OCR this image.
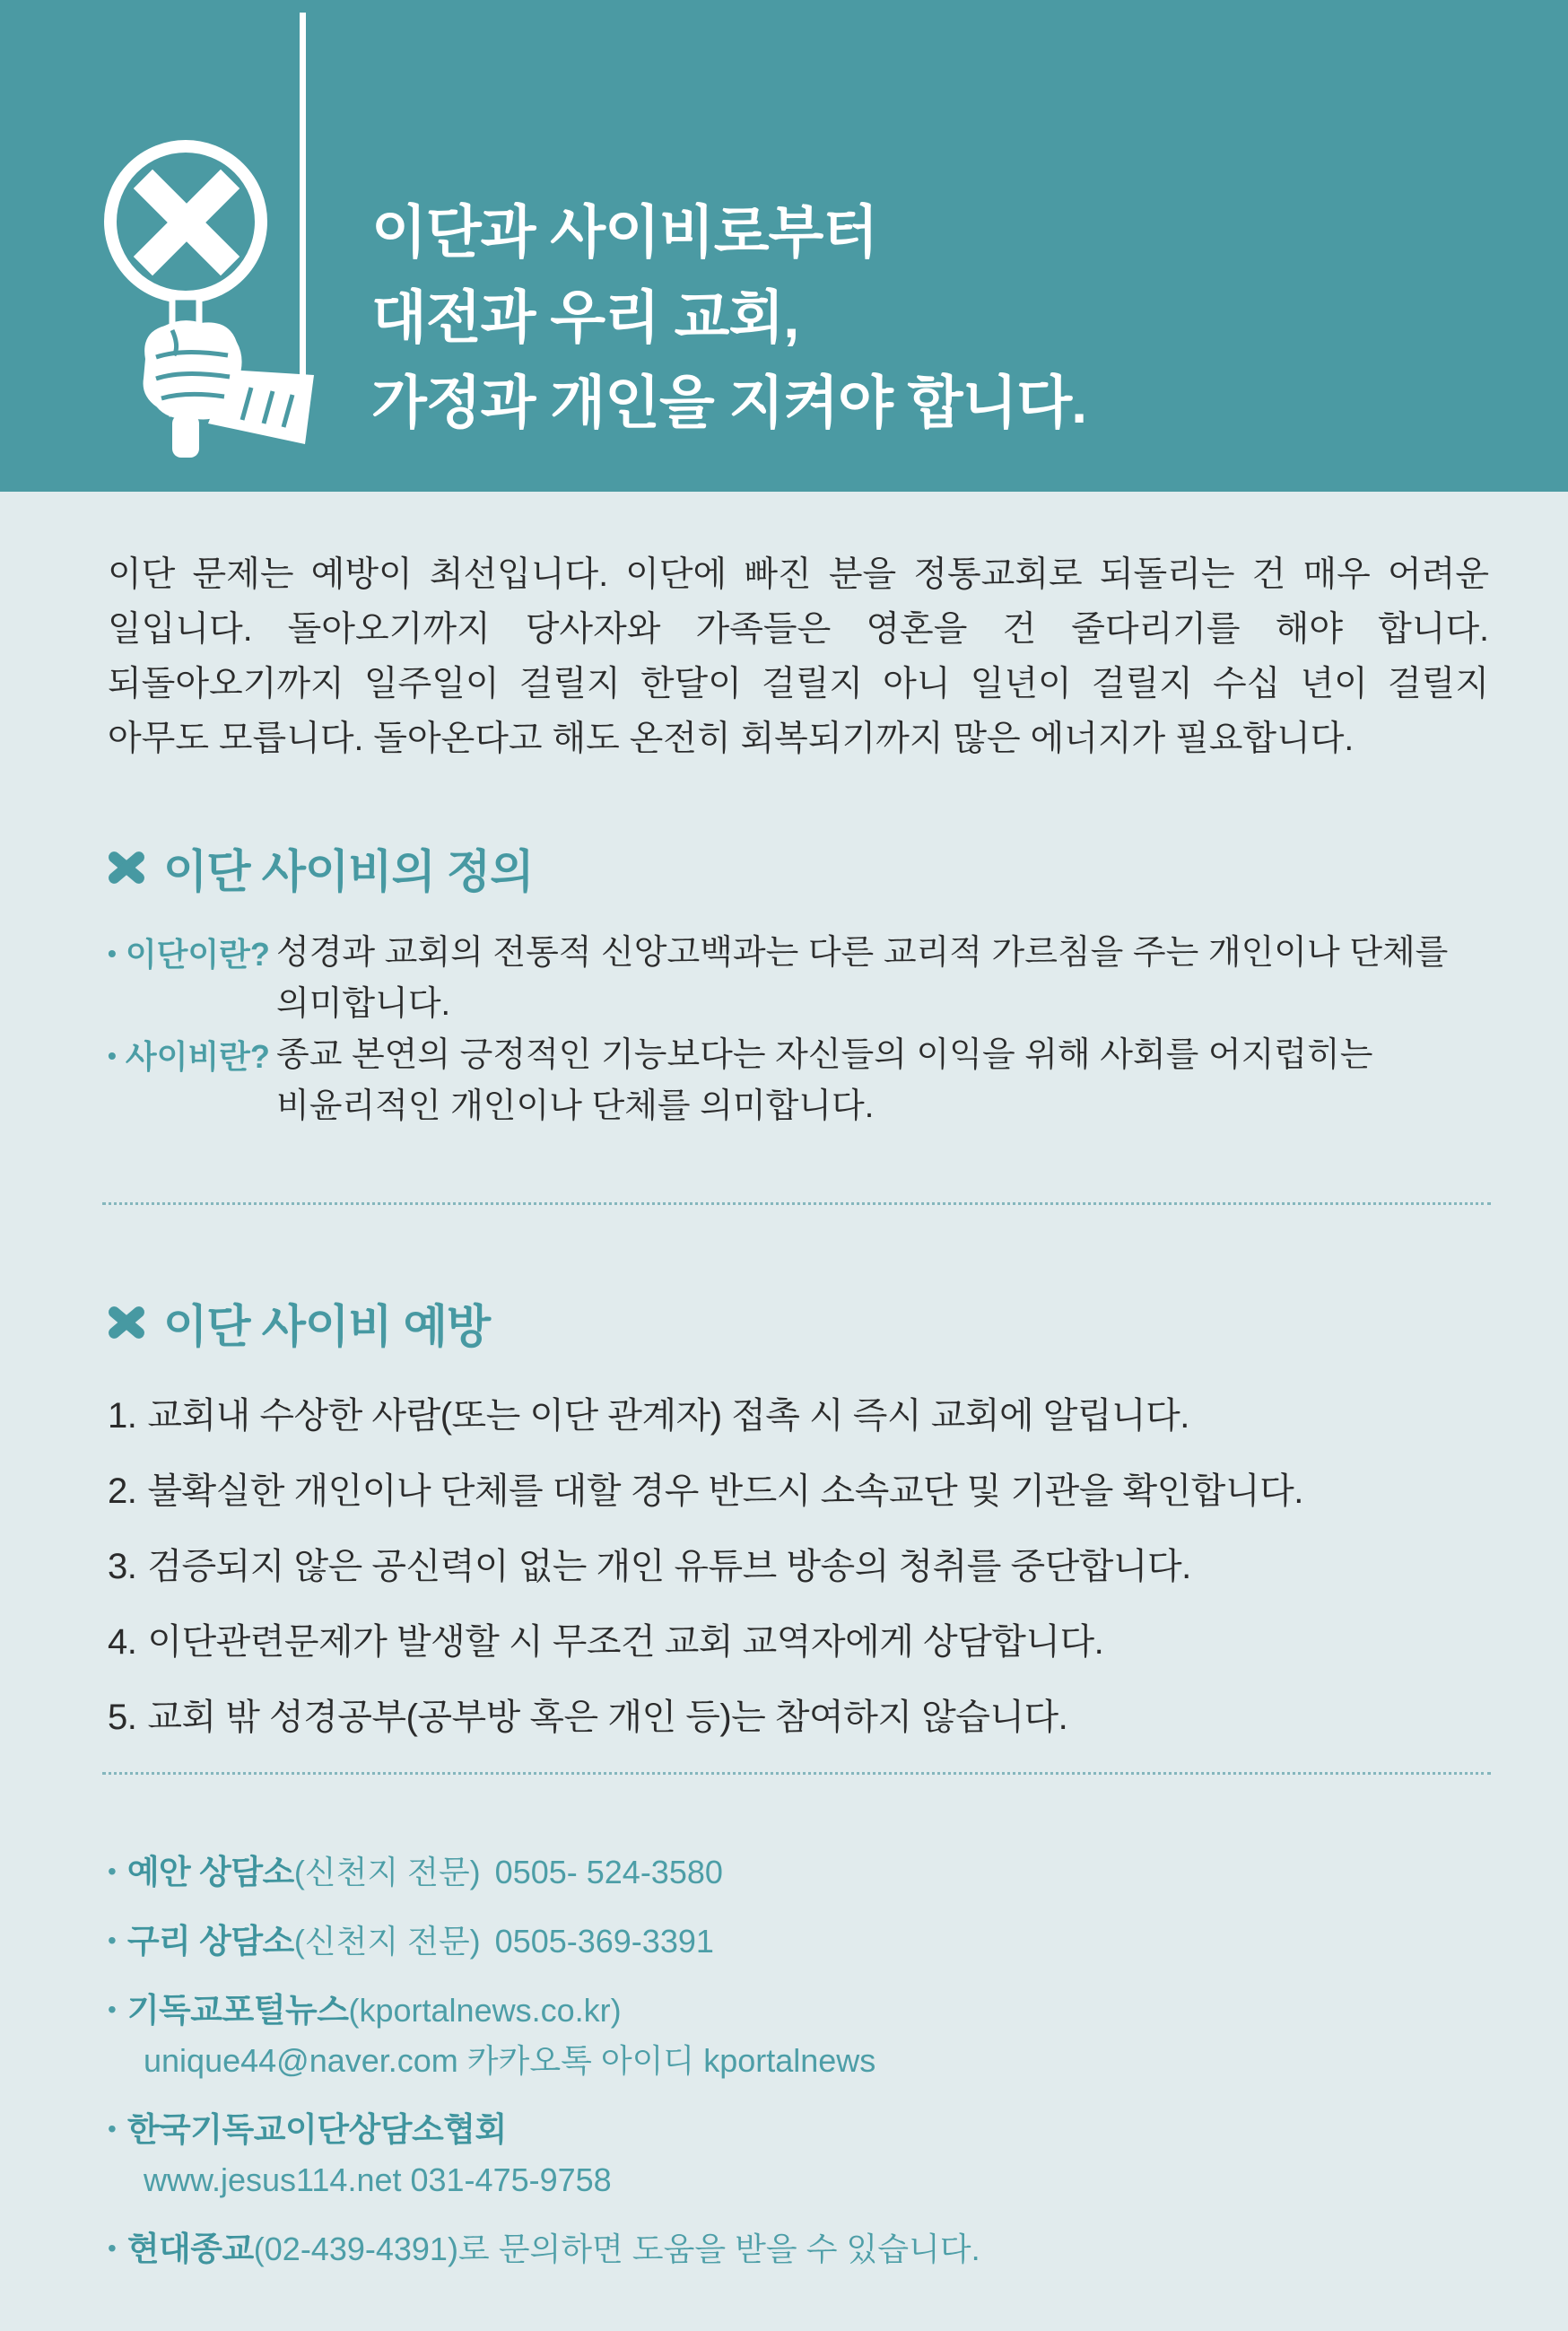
이단과 사이비로부터
대전과 우리 교회,
가정과 개인을 지켜야 합니다.

이단 문제는 예방이 최선입니다. 이단에 빠진 분을 정통교회로 되돌리는 건 매우 어려운 일입니다. 돌아오기까지 당사자와 가족들은 영혼을 건 줄다리기를 해야 합니다. 되돌아오기까지 일주일이 걸릴지 한달이 걸릴지 아니 일년이 걸릴지 수십 년이 걸릴지 아무도 모릅니다. 돌아온다고 해도 온전히 회복되기까지 많은 에너지가 필요합니다.

이단 사이비의 정의
• 이단이란? 성경과 교회의 전통적 신앙고백과는 다른 교리적 가르침을 주는 개인이나 단체를 의미합니다.
• 사이비란? 종교 본연의 긍정적인 기능보다는 자신들의 이익을 위해 사회를 어지럽히는 비윤리적인 개인이나 단체를 의미합니다.
이단 사이비 예방
1. 교회내 수상한 사람(또는 이단 관계자) 접촉 시 즉시 교회에 알립니다.
2. 불확실한 개인이나 단체를 대할 경우 반드시 소속교단 및 기관을 확인합니다.
3. 검증되지 않은 공신력이 없는 개인 유튜브 방송의 청취를 중단합니다.
4. 이단관련문제가 발생할 시 무조건 교회 교역자에게 상담합니다.
5. 교회 밖 성경공부(공부방 혹은 개인 등)는 참여하지 않습니다.
• 예안 상담소(신천지 전문) 0505- 524-3580
• 구리 상담소(신천지 전문) 0505-369-3391
• 기독교포털뉴스(kportalnews.co.kr)
unique44@naver.com 카카오톡 아이디 kportalnews
• 한국기독교이단상담소협회
www.jesus114.net 031-475-9758
• 현대종교(02-439-4391)로 문의하면 도움을 받을 수 있습니다.
